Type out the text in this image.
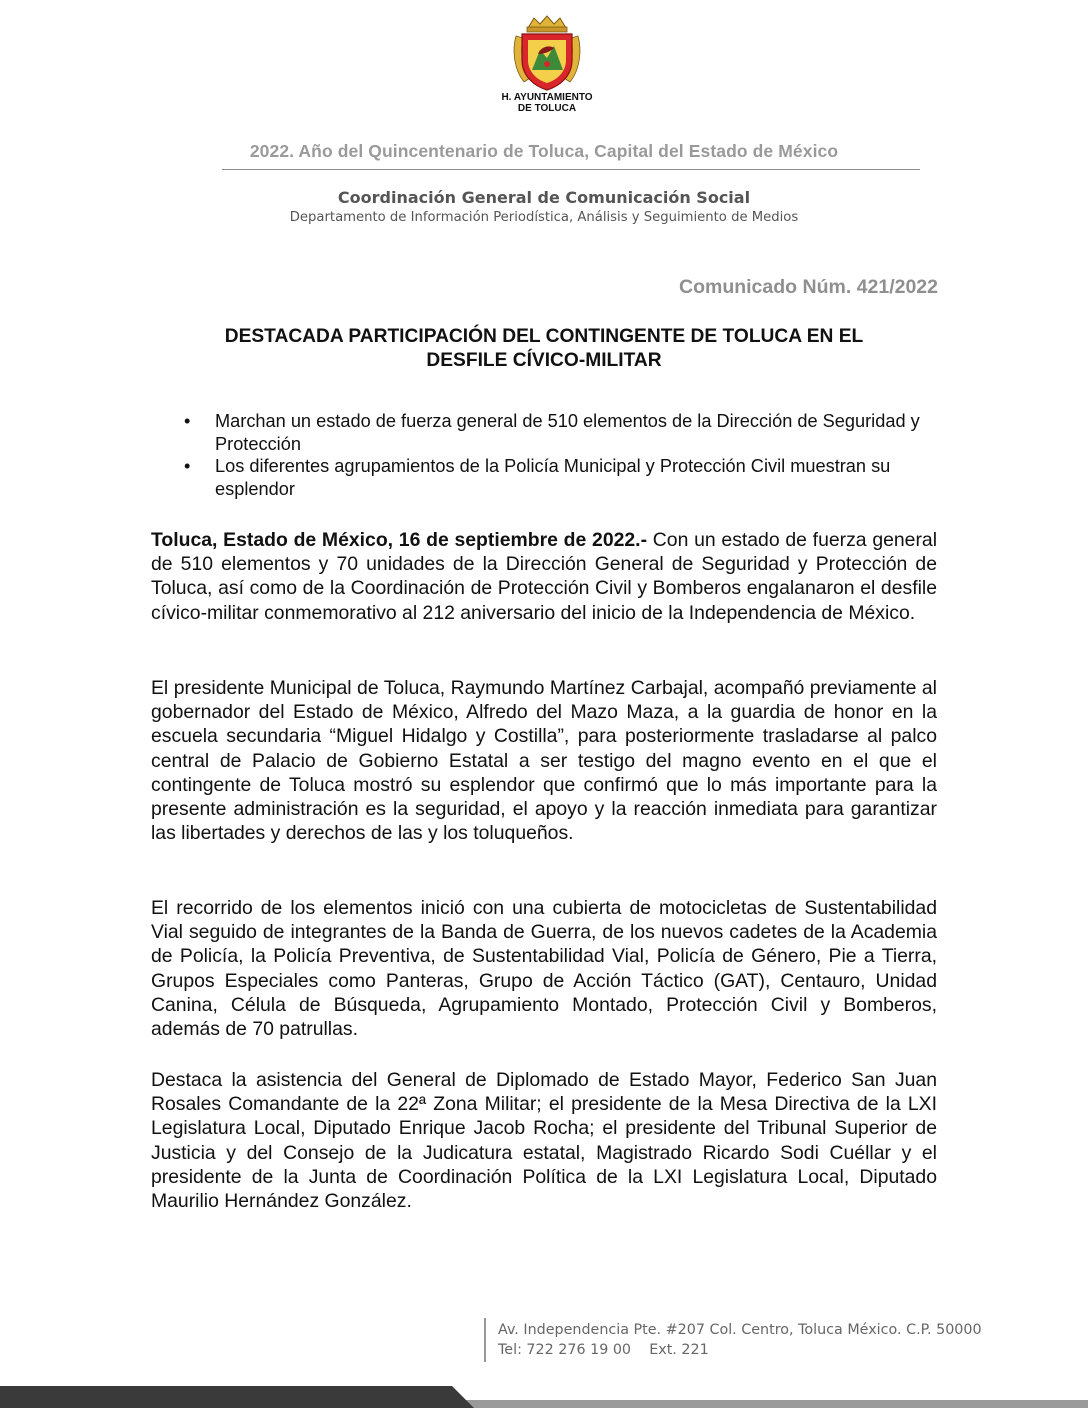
H. AYUNTAMIENTO
DE TOLUCA
2022. Año del Quincentenario de Toluca, Capital del Estado de México
Coordinación General de Comunicación Social
Departamento de Información Periodística, Análisis y Seguimiento de Medios
Comunicado Núm. 421/2022
DESTACADA PARTICIPACIÓN DEL CONTINGENTE DE TOLUCA EN EL
DESFILE CÍVICO-MILITAR
• Marchan un estado de fuerza general de 510 elementos de la Dirección de Seguridad y Protección
• Los diferentes agrupamientos de la Policía Municipal y Protección Civil muestran su esplendor
Toluca, Estado de México, 16 de septiembre de 2022.- Con un estado de fuerza general de 510 elementos y 70 unidades de la Dirección General de Seguridad y Protección de Toluca, así como de la Coordinación de Protección Civil y Bomberos engalanaron el desfile cívico-militar conmemorativo al 212 aniversario del inicio de la Independencia de México.
El presidente Municipal de Toluca, Raymundo Martínez Carbajal, acompañó previamente al gobernador del Estado de México, Alfredo del Mazo Maza, a la guardia de honor en la escuela secundaria “Miguel Hidalgo y Costilla”, para posteriormente trasladarse al palco central de Palacio de Gobierno Estatal a ser testigo del magno evento en el que el contingente de Toluca mostró su esplendor que confirmó que lo más importante para la presente administración es la seguridad, el apoyo y la reacción inmediata para garantizar las libertades y derechos de las y los toluqueños.
El recorrido de los elementos inició con una cubierta de motocicletas de Sustentabilidad Vial seguido de integrantes de la Banda de Guerra, de los nuevos cadetes de la Academia de Policía, la Policía Preventiva, de Sustentabilidad Vial, Policía de Género, Pie a Tierra, Grupos Especiales como Panteras, Grupo de Acción Táctico (GAT), Centauro, Unidad Canina, Célula de Búsqueda, Agrupamiento Montado, Protección Civil y Bomberos, además de 70 patrullas.
Destaca la asistencia del General de Diplomado de Estado Mayor, Federico San Juan Rosales Comandante de la 22ª Zona Militar; el presidente de la Mesa Directiva de la LXI Legislatura Local, Diputado Enrique Jacob Rocha; el presidente del Tribunal Superior de Justicia y del Consejo de la Judicatura estatal, Magistrado Ricardo Sodi Cuéllar y el presidente de la Junta de Coordinación Política de la LXI Legislatura Local, Diputado Maurilio Hernández González.
Av. Independencia Pte. #207 Col. Centro, Toluca México. C.P. 50000
Tel: 722 276 19 00    Ext. 221
